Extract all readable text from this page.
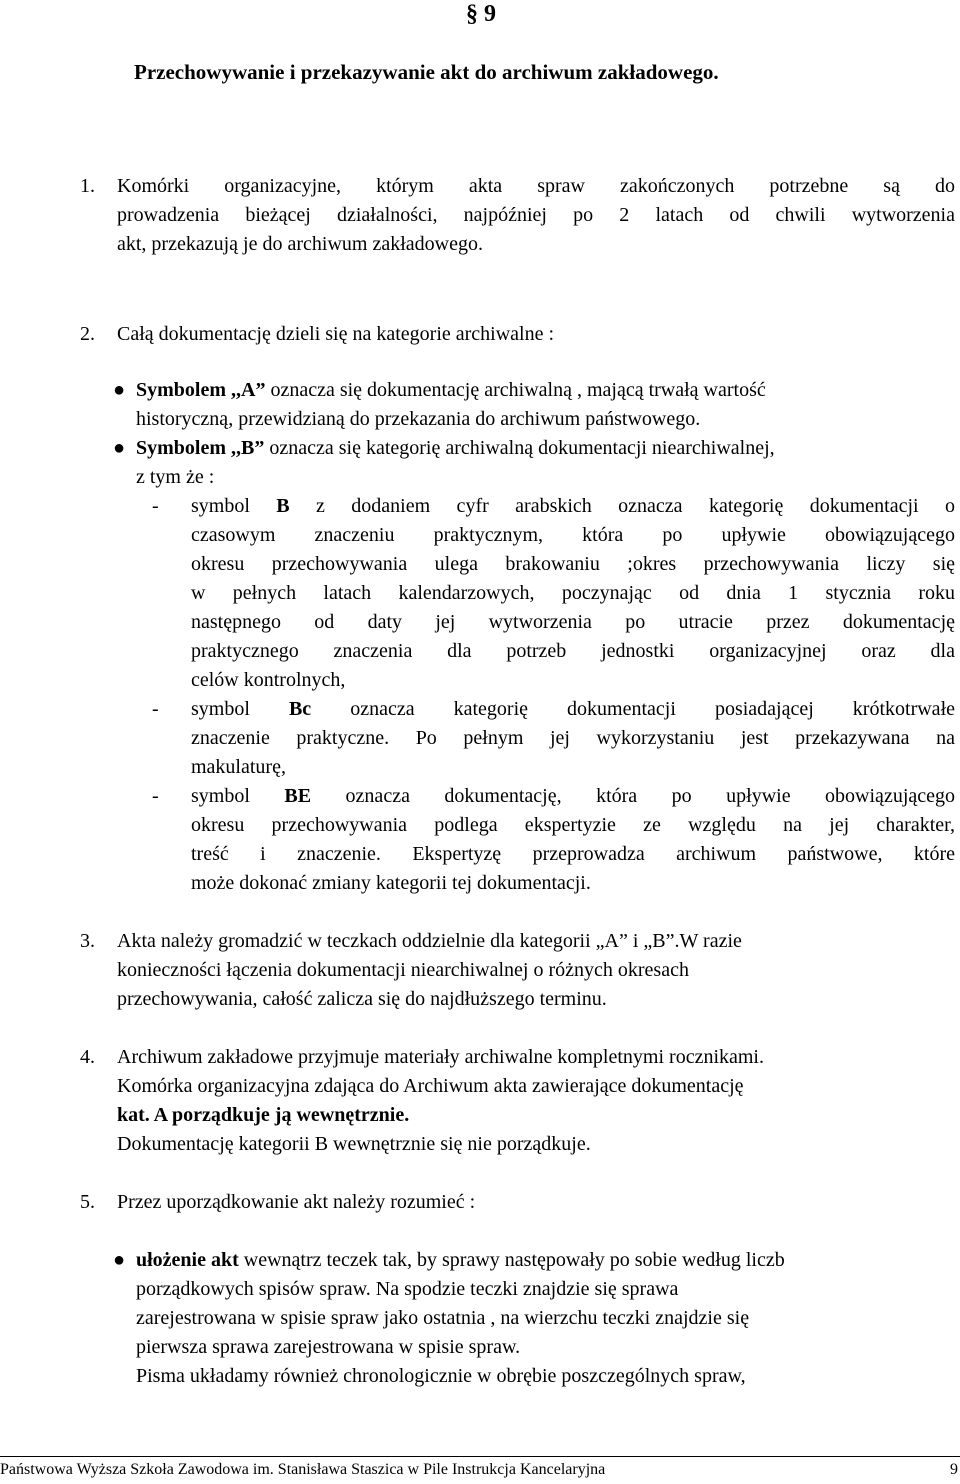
§ 9
Przechowywanie i przekazywanie akt do archiwum zakładowego.
1. Komórki organizacyjne, którym akta spraw zakończonych potrzebne są do
prowadzenia bieżącej działalności, najpóźniej po 2 latach od chwili wytworzenia
akt, przekazują je do archiwum zakładowego.
2. Całą dokumentację dzieli się na kategorie archiwalne :
● Symbolem ,,A” oznacza się dokumentację archiwalną , mającą trwałą wartość
historyczną, przewidzianą do przekazania do archiwum państwowego.
● Symbolem ,,B” oznacza się kategorię archiwalną dokumentacji niearchiwalnej,
z tym że :
- symbol B z dodaniem cyfr arabskich oznacza kategorię dokumentacji o
czasowym znaczeniu praktycznym, która po upływie obowiązującego
okresu przechowywania ulega brakowaniu ;okres przechowywania liczy się
w pełnych latach kalendarzowych, poczynając od dnia 1 stycznia roku
następnego od daty jej wytworzenia po utracie przez dokumentację
praktycznego znaczenia dla potrzeb jednostki organizacyjnej oraz dla
celów kontrolnych,
- symbol Bc oznacza kategorię dokumentacji posiadającej krótkotrwałe
znaczenie praktyczne. Po pełnym jej wykorzystaniu jest przekazywana na
makulaturę,
- symbol BE oznacza dokumentację, która po upływie obowiązującego
okresu przechowywania podlega ekspertyzie ze względu na jej charakter,
treść i znaczenie. Ekspertyzę przeprowadza archiwum państwowe, które
może dokonać zmiany kategorii tej dokumentacji.
3. Akta należy gromadzić w teczkach oddzielnie dla kategorii „A” i „B”.W razie
konieczności łączenia dokumentacji niearchiwalnej o różnych okresach
przechowywania, całość zalicza się do najdłuższego terminu.
4. Archiwum zakładowe przyjmuje materiały archiwalne kompletnymi rocznikami.
Komórka organizacyjna zdająca do Archiwum akta zawierające dokumentację
kat. A porządkuje ją wewnętrznie.
Dokumentację kategorii B wewnętrznie się nie porządkuje.
5. Przez uporządkowanie akt należy rozumieć :
● ułożenie akt wewnątrz teczek tak, by sprawy następowały po sobie według liczb
porządkowych spisów spraw. Na spodzie teczki znajdzie się sprawa
zarejestrowana w spisie spraw jako ostatnia , na wierzchu teczki znajdzie się
pierwsza sprawa zarejestrowana w spisie spraw.
Pisma układamy również chronologicznie w obrębie poszczególnych spraw,
Państwowa Wyższa Szkoła Zawodowa im. Stanisława Staszica w Pile Instrukcja Kancelaryjna	9
